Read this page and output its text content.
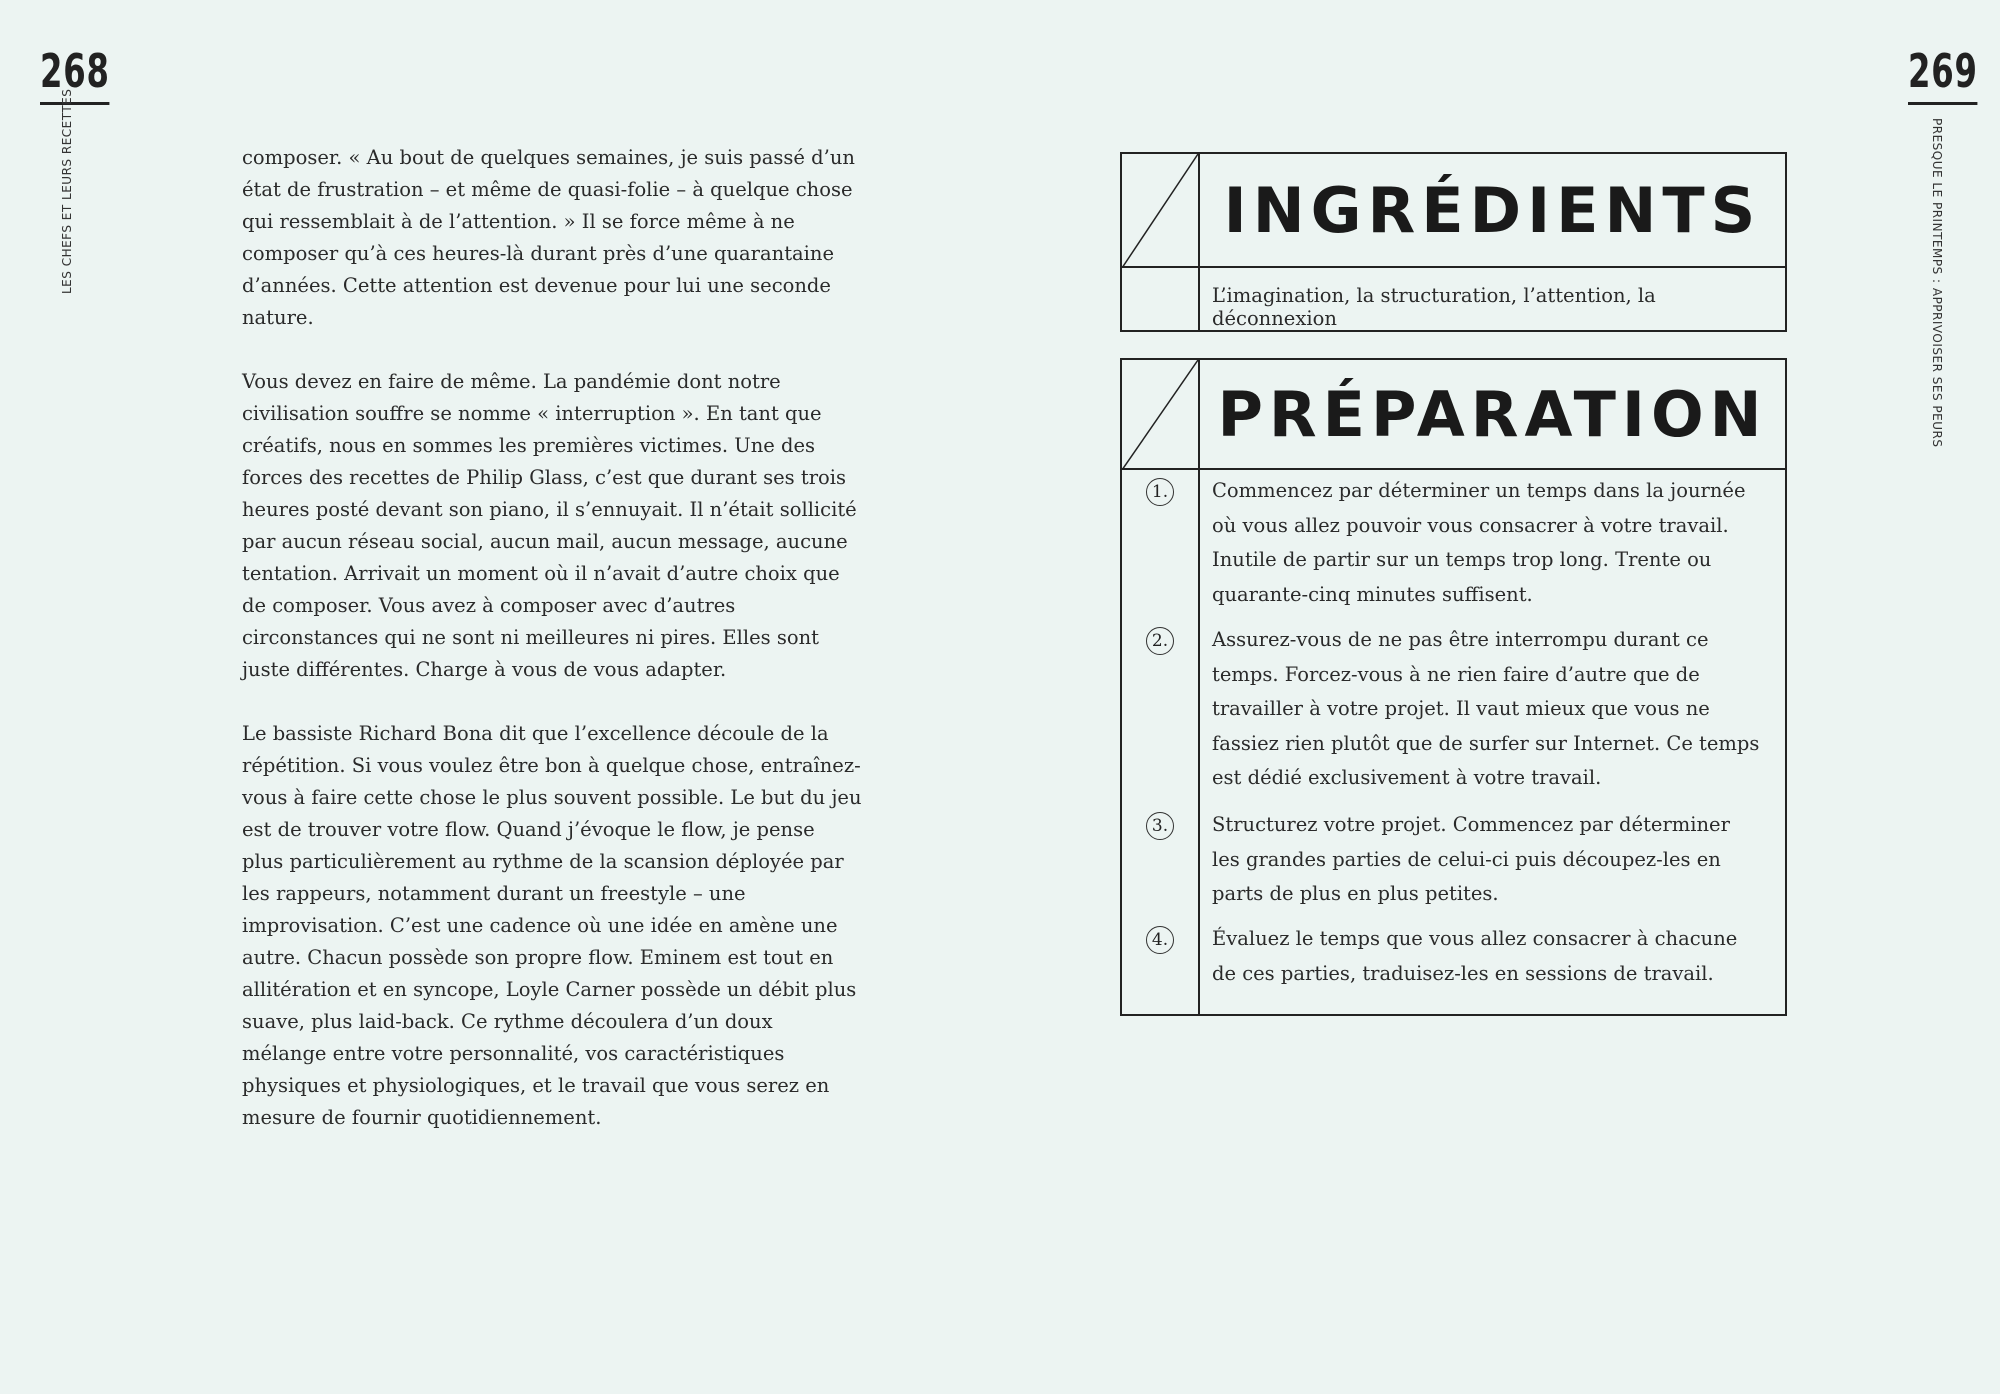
268
LES CHEFS ET LEURS RECETTES	composer. « Au bout de quelques semaines, je suis passé d’un état de frustration – et même de quasi-folie – à quelque chose qui ressemblait à de l’attention. » Il se force même à ne composer qu’à ces heures-là durant près d’une quarantaine d’années. Cette attention est devenue pour lui une seconde nature.

Vous devez en faire de même. La pandémie dont notre civilisation souffre se nomme « interruption ». En tant que créatifs, nous en sommes les premières victimes. Une des forces des recettes de Philip Glass, c’est que durant ses trois heures posté devant son piano, il s’ennuyait. Il n’était sollicité par aucun réseau social, aucun mail, aucun message, aucune tentation. Arrivait un moment où il n’avait d’autre choix que de composer. Vous avez à composer avec d’autres circonstances qui ne sont ni meilleures ni pires. Elles sont juste différentes. Charge à vous de vous adapter.

Le bassiste Richard Bona dit que l’excellence découle de la répétition. Si vous voulez être bon à quelque chose, entraînez-vous à faire cette chose le plus souvent possible. Le but du jeu est de trouver votre flow. Quand j’évoque le flow, je pense plus particulièrement au rythme de la scansion déployée par les rappeurs, notamment durant un freestyle – une improvisation. C’est une cadence où une idée en amène une autre. Chacun possède son propre flow. Eminem est tout en allitération et en syncope, Loyle Carner possède un débit plus suave, plus laid-back. Ce rythme découlera d’un doux mélange entre votre personnalité, vos caractéristiques physiques et physiologiques, et le travail que vous serez en mesure de fournir quotidiennement.

269
PRESQUE LE PRINTEMPS : APPRIVOISER SES PEURS
INGRÉDIENTS
L’imagination, la structuration, l’attention, la déconnexion
PRÉPARATION
1.	Commencez par déterminer un temps dans la journée où vous allez pouvoir vous consacrer à votre travail. Inutile de partir sur un temps trop long. Trente ou quarante-cinq minutes suffisent.
2.	Assurez-vous de ne pas être interrompu durant ce temps. Forcez-vous à ne rien faire d’autre que de travailler à votre projet. Il vaut mieux que vous ne fassiez rien plutôt que de surfer sur Internet. Ce temps est dédié exclusivement à votre travail.
3.	Structurez votre projet. Commencez par déterminer les grandes parties de celui-ci puis découpez-les en parts de plus en plus petites.
4.	Évaluez le temps que vous allez consacrer à chacune de ces parties, traduisez-les en sessions de travail.
